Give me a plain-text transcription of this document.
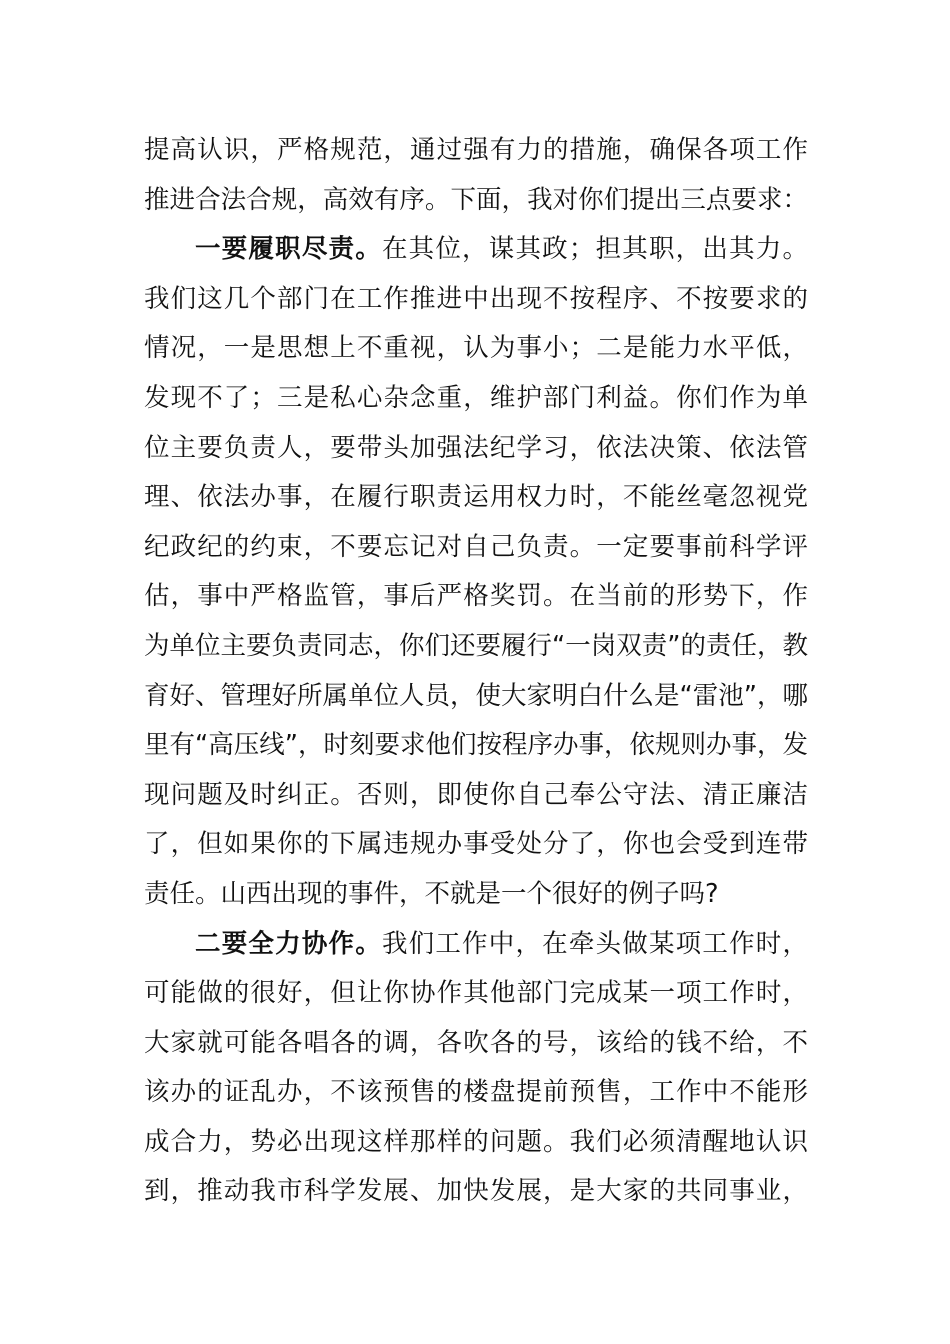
提高认识，严格规范，通过强有力的措施，确保各项工作
推进合法合规，高效有序。下面，我对你们提出三点要求：
一要履职尽责。在其位，谋其政；担其职，出其力。
我们这几个部门在工作推进中出现不按程序、不按要求的
情况，一是思想上不重视，认为事小；二是能力水平低，
发现不了；三是私心杂念重，维护部门利益。你们作为单
位主要负责人，要带头加强法纪学习，依法决策、依法管
理、依法办事，在履行职责运用权力时，不能丝毫忽视党
纪政纪的约束，不要忘记对自己负责。一定要事前科学评
估，事中严格监管，事后严格奖罚。在当前的形势下，作
为单位主要负责同志，你们还要履行“一岗双责”的责任，教
育好、管理好所属单位人员，使大家明白什么是“雷池”，哪
里有“高压线”，时刻要求他们按程序办事，依规则办事，发
现问题及时纠正。否则，即使你自己奉公守法、清正廉洁
了，但如果你的下属违规办事受处分了，你也会受到连带
责任。山西出现的事件，不就是一个很好的例子吗?
二要全力协作。我们工作中，在牵头做某项工作时，
可能做的很好，但让你协作其他部门完成某一项工作时，
大家就可能各唱各的调，各吹各的号，该给的钱不给，不
该办的证乱办，不该预售的楼盘提前预售，工作中不能形
成合力，势必出现这样那样的问题。我们必须清醒地认识
到，推动我市科学发展、加快发展，是大家的共同事业，
